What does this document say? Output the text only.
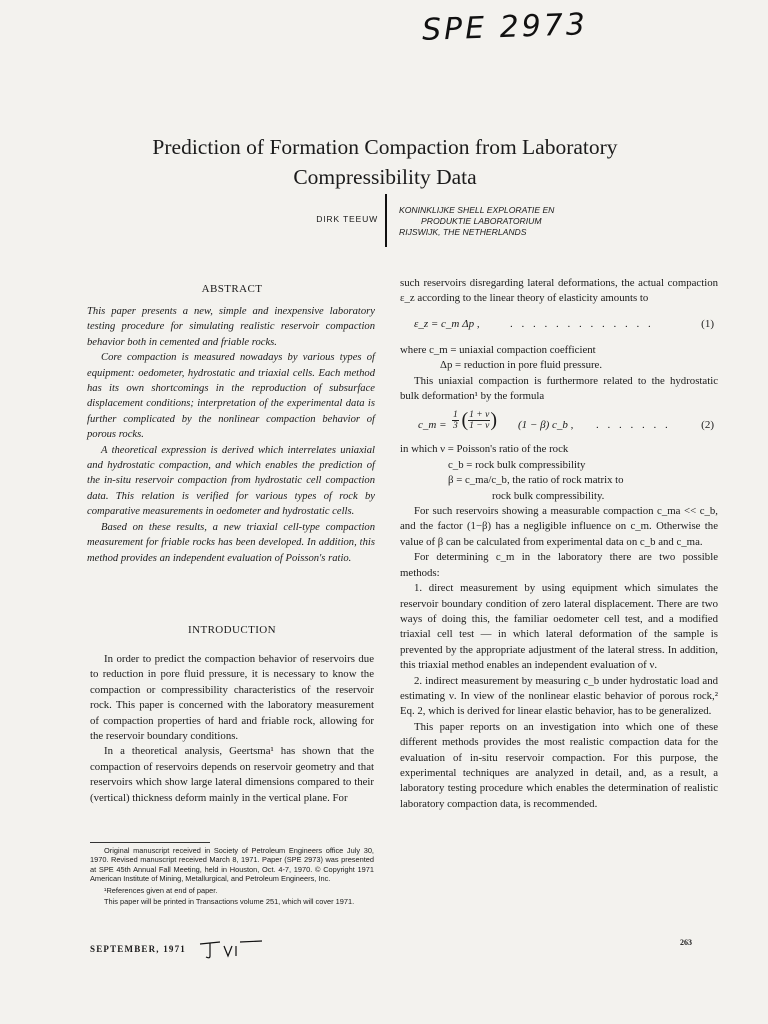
SPE 2973
Prediction of Formation Compaction from Laboratory
Compressibility Data
DIRK TEEUW
KONINKLIJKE SHELL EXPLORATIE EN
PRODUKTIE LABORATORIUM
RIJSWIJK, THE NETHERLANDS
ABSTRACT

This paper presents a new, simple and inexpensive laboratory testing procedure for simulating realistic reservoir compaction behavior both in cemented and friable rocks.

Core compaction is measured nowadays by various types of equipment: oedometer, hydrostatic and triaxial cells. Each method has its own shortcomings in the reproduction of subsurface displacement conditions; interpretation of the experimental data is further complicated by the nonlinear compaction behavior of porous rocks.

A theoretical expression is derived which interrelates uniaxial and hydrostatic compaction, and which enables the prediction of the in-situ reservoir compaction from hydrostatic cell compaction data. This relation is verified for various types of rock by comparative measurements in oedometer and hydrostatic cells.

Based on these results, a new triaxial cell-type compaction measurement for friable rocks has been developed. In addition, this method provides an independent evaluation of Poisson's ratio.

INTRODUCTION

In order to predict the compaction behavior of reservoirs due to reduction in pore fluid pressure, it is necessary to know the compaction or compressibility characteristics of the reservoir rock. This paper is concerned with the laboratory measurement of compaction properties of hard and friable rock, allowing for the reservoir boundary conditions.

In a theoretical analysis, Geertsma¹ has shown that the compaction of reservoirs depends on reservoir geometry and that reservoirs which show large lateral dimensions compared to their (vertical) thickness deform mainly in the vertical plane. For

Original manuscript received in Society of Petroleum Engineers office July 30, 1970. Revised manuscript received March 8, 1971. Paper (SPE 2973) was presented at SPE 45th Annual Fall Meeting, held in Houston, Oct. 4-7, 1970. © Copyright 1971 American Institute of Mining, Metallurgical, and Petroleum Engineers, Inc.

¹References given at end of paper.

This paper will be printed in Transactions volume 251, which will cover 1971.

SEPTEMBER, 1971
263

such reservoirs disregarding lateral deformations, the actual compaction ε_z according to the linear theory of elasticity amounts to

ε_z = c_m Δp ,	. . . . . . . . . . . . .	(1)
where c_m = uniaxial compaction coefficient
Δp = reduction in pore fluid pressure.

This uniaxial compaction is furthermore related to the hydrostatic bulk deformation¹ by the formula

c_m = $\frac{1}{3}$ ( $\frac{1 + \nu}{1 - \nu}$ ) (1 − β) c_b , . . . . . . .	(2)
in which ν = Poisson's ratio of the rock
c_b = rock bulk compressibility
β = c_ma/c_b, the ratio of rock matrix to
rock bulk compressibility.

For such reservoirs showing a measurable compaction c_ma << c_b, and the factor (1−β) has a negligible influence on c_m. Otherwise the value of β can be calculated from experimental data on c_b and c_ma.

For determining c_m in the laboratory there are two possible methods:

1. direct measurement by using equipment which simulates the reservoir boundary condition of zero lateral displacement. There are two ways of doing this, the familiar oedometer cell test, and a modified triaxial cell test — in which lateral deformation of the sample is prevented by the appropriate adjustment of the lateral stress. In addition, this triaxial method enables an independent evaluation of ν.

2. indirect measurement by measuring c_b under hydrostatic load and estimating ν. In view of the nonlinear elastic behavior of porous rock,² Eq. 2, which is derived for linear elastic behavior, has to be generalized.

This paper reports on an investigation into which one of these different methods provides the most realistic compaction data for the evaluation of in-situ reservoir compaction. For this purpose, the experimental techniques are analyzed in detail, and, as a result, a laboratory testing procedure which enables the determination of realistic laboratory compaction data, is recommended.
